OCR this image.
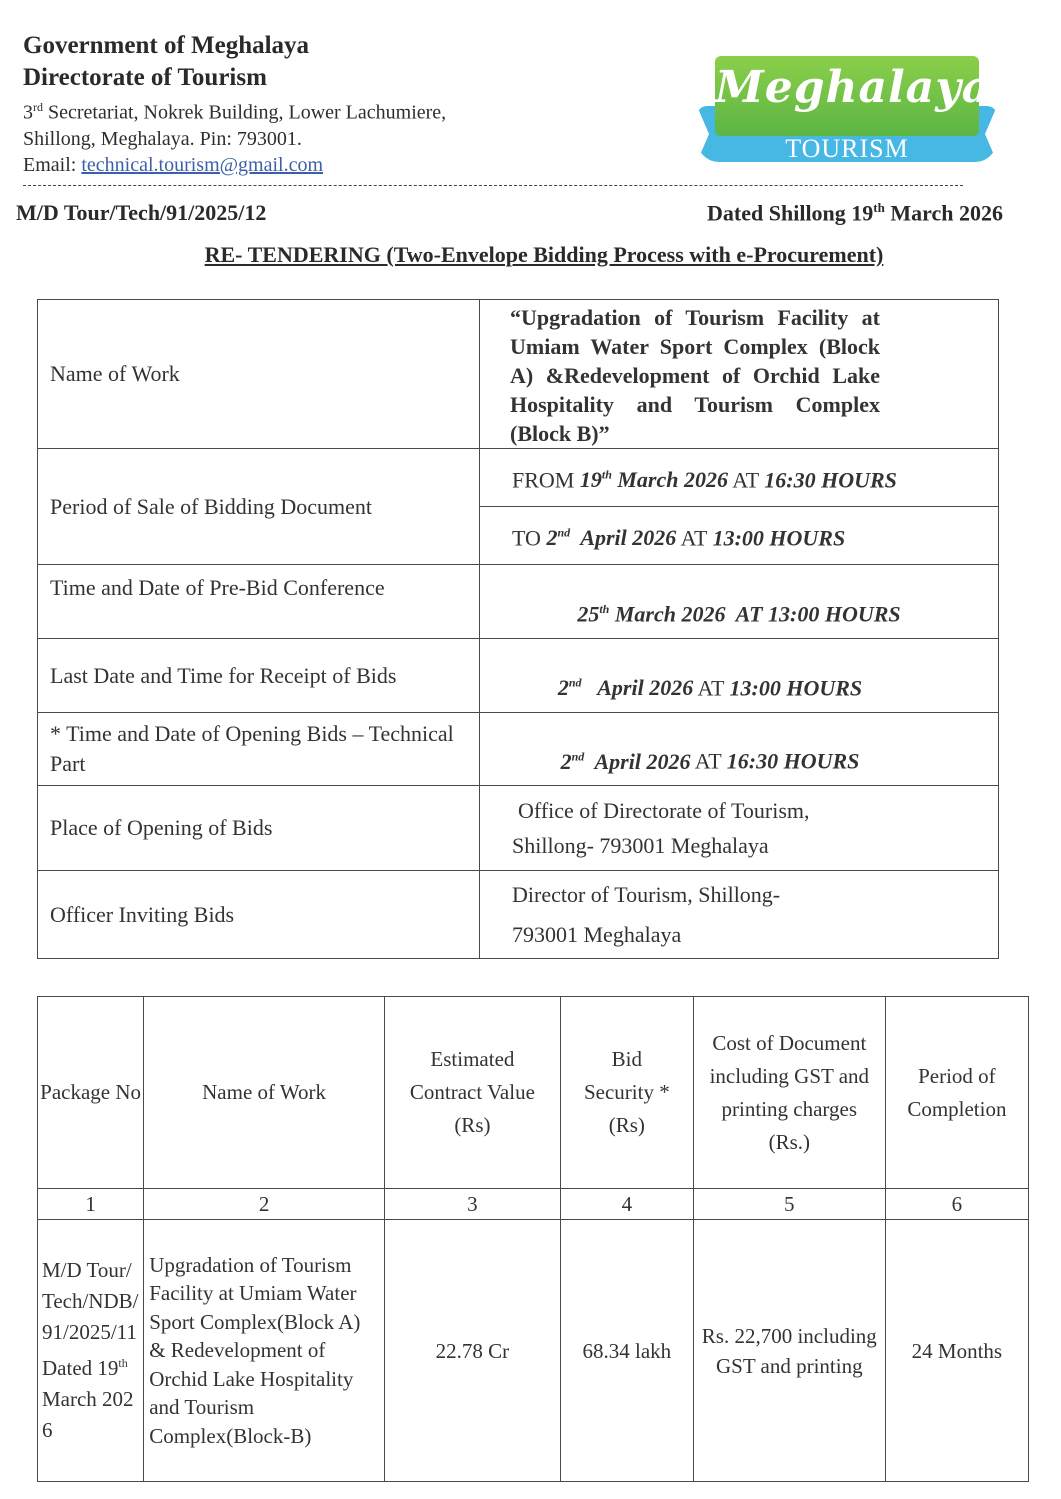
Government of Meghalaya
Directorate of Tourism
3rd Secretariat, Nokrek Building, Lower Lachumiere,
Shillong, Meghalaya. Pin: 793001.
Email: technical.tourism@gmail.com
Meghalaya
TOURISM
M/D Tour/Tech/91/2025/12	Dated Shillong 19th March 2026
RE- TENDERING (Two-Envelope Bidding Process with e-Procurement)
Name of Work	“Upgradation of Tourism Facility at Umiam Water Sport Complex (Block A) &Redevelopment of Orchid Lake Hospitality and Tourism Complex (Block B)”
Period of Sale of Bidding Document	FROM 19th March 2026 AT 16:30 HOURS
	TO 2nd April 2026 AT 13:00 HOURS
Time and Date of Pre-Bid Conference	25th March 2026 AT 13:00 HOURS
Last Date and Time for Receipt of Bids	2nd April 2026 AT 13:00 HOURS
* Time and Date of Opening Bids – Technical Part	2nd April 2026 AT 16:30 HOURS
Place of Opening of Bids	Office of Directorate of Tourism,
Shillong- 793001 Meghalaya

Officer Inviting Bids	Director of Tourism, Shillong-
793001 Meghalaya
Package No	Name of Work	Estimated Contract Value (Rs)	Bid Security *(Rs)	Cost of Document including GST and printing charges (Rs.)	Period of Completion
1	2	3	4	5	6
M/D Tour/Tech/NDB/91/2025/11 Dated 19th March 2026	Upgradation of Tourism Facility at Umiam Water Sport Complex(Block A) & Redevelopment of Orchid Lake Hospitality and Tourism Complex(Block-B)	22.78 Cr	68.34 lakh	Rs. 22,700 including GST and printing	24 Months
